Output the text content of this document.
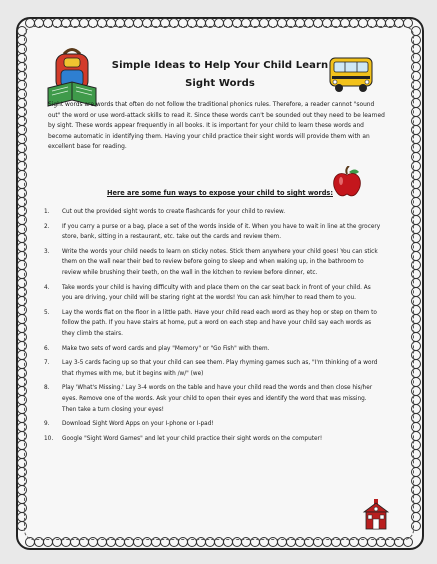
Simple Ideas to Help Your Child Learn
Sight Words
Sight words are words that often do not follow the traditional phonics rules. Therefore, a reader cannot "sound out" the word or use word-attack skills to read it. Since these words can't be sounded out they need to be learned by sight. These words appear frequently in all books. It is important for your child to learn these words and become automatic in identifying them. Having your child practice their sight words will provide them with an excellent base for reading.
Here are some fun ways to expose your child to sight words:
1. Cut out the provided sight words to create flashcards for your child to review.
2. If you carry a purse or a bag, place a set of the words inside of it. When you have to wait in line at the grocery store, bank, sitting in a restaurant, etc. take out the cards and review them.
3. Write the words your child needs to learn on sticky notes. Stick them anywhere your child goes! You can stick them on the wall near their bed to review before going to sleep and when waking up, in the bathroom to review while brushing their teeth, on the wall in the kitchen to review before dinner, etc.
4. Take words your child is having difficulty with and place them on the car seat back in front of your child. As you are driving, your child will be staring right at the words! You can ask him/her to read them to you.
5. Lay the words flat on the floor in a little path. Have your child read each word as they hop or step on them to follow the path. If you have stairs at home, put a word on each step and have your child say each words as they climb the stairs.
6. Make two sets of word cards and play "Memory" or "Go Fish" with them.
7. Lay 3-5 cards facing up so that your child can see them. Play rhyming games such as, "I'm thinking of a word that rhymes with me, but it begins with /w/" (we)
8. Play 'What's Missing.' Lay 3-4 words on the table and have your child read the words and then close his/her eyes. Remove one of the words. Ask your child to open their eyes and identify the word that was missing. Then take a turn closing your eyes!
9. Download Sight Word Apps on your I-phone or I-pad!
10. Google "Sight Word Games" and let your child practice their sight words on the computer!
